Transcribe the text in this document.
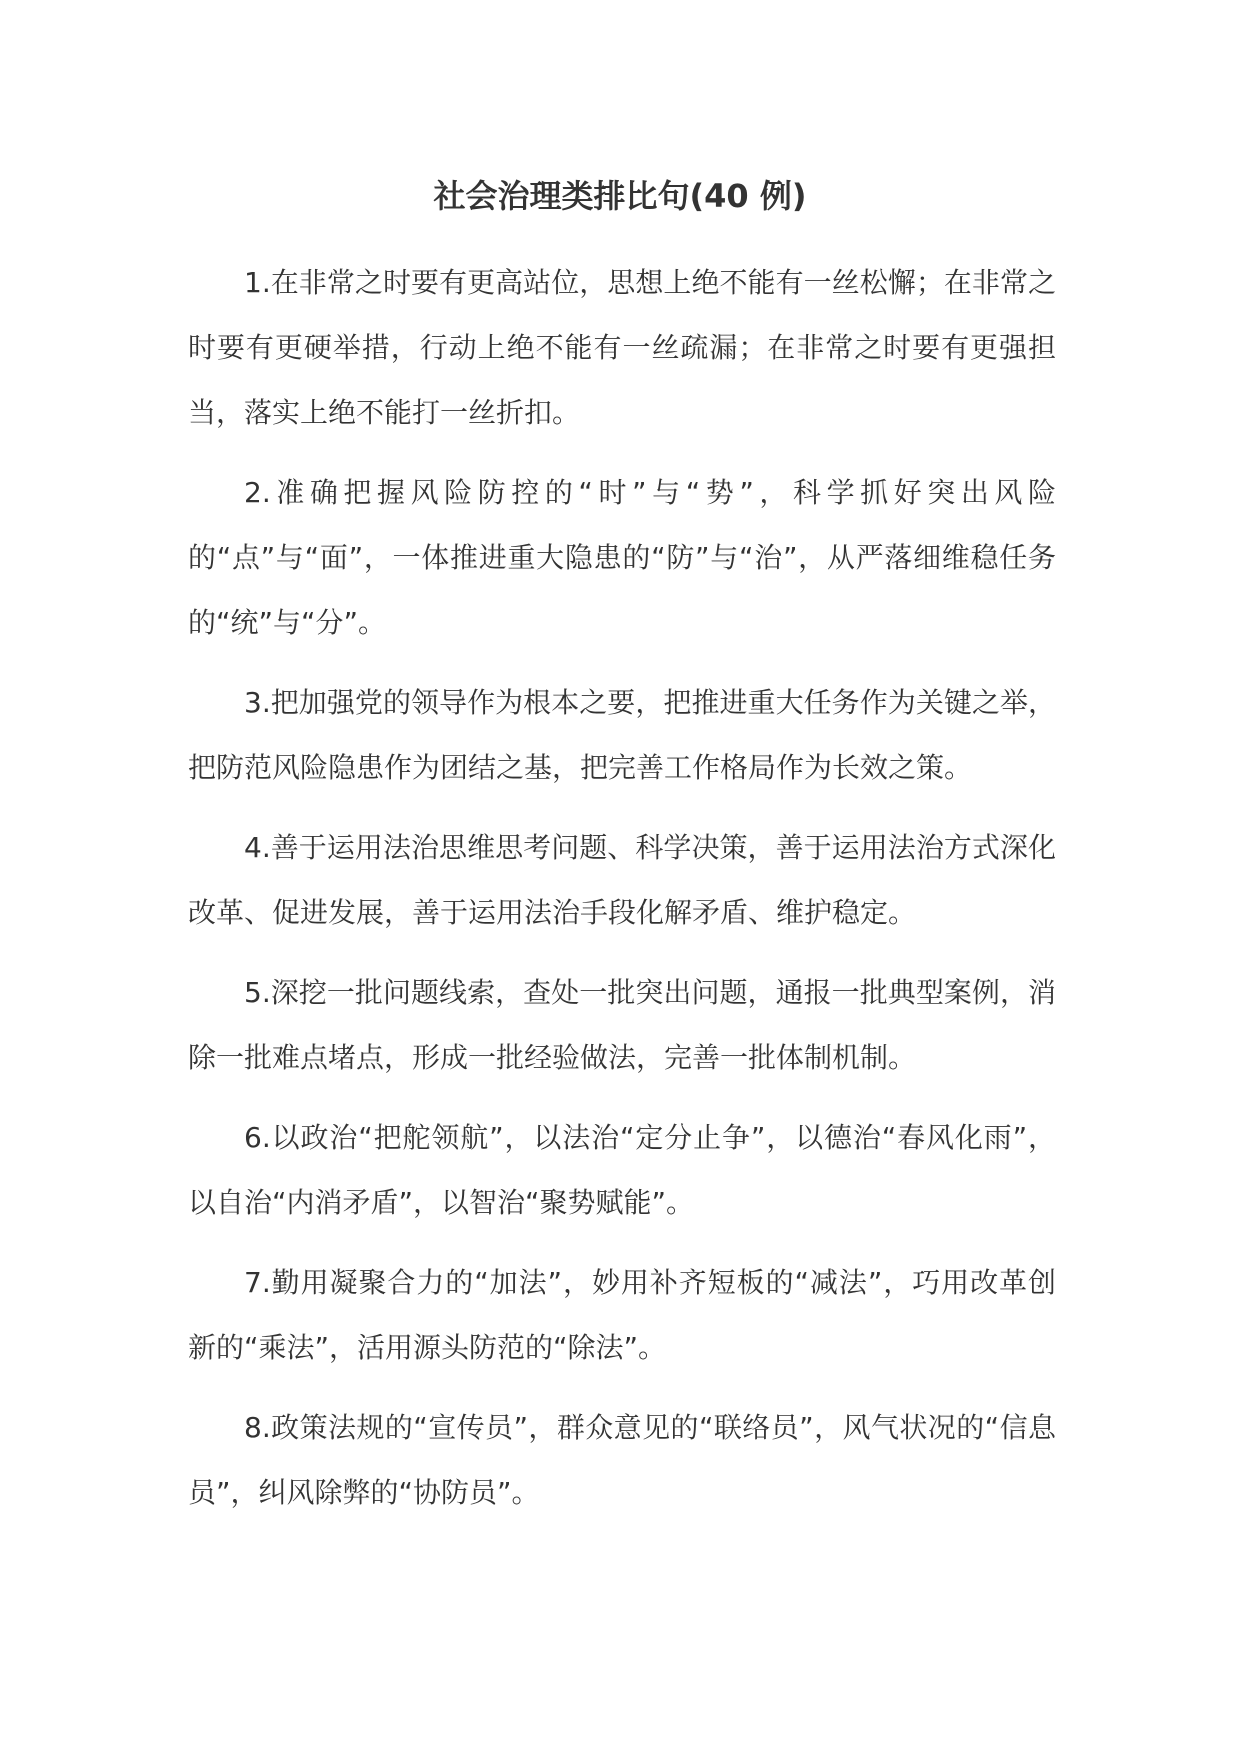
社会治理类排比句(40 例)

1.在非常之时要有更高站位，思想上绝不能有一丝松懈；在非常之时要有更硬举措，行动上绝不能有一丝疏漏；在非常之时要有更强担当，落实上绝不能打一丝折扣。

2.准确把握风险防控的“时”与“势”，科学抓好突出风险的“点”与“面”，一体推进重大隐患的“防”与“治”，从严落细维稳任务的“统”与“分”。

3.把加强党的领导作为根本之要，把推进重大任务作为关键之举，把防范风险隐患作为团结之基，把完善工作格局作为长效之策。

4.善于运用法治思维思考问题、科学决策，善于运用法治方式深化改革、促进发展，善于运用法治手段化解矛盾、维护稳定。

5.深挖一批问题线索，查处一批突出问题，通报一批典型案例，消除一批难点堵点，形成一批经验做法，完善一批体制机制。

6.以政治“把舵领航”，以法治“定分止争”，以德治“春风化雨”，以自治“内消矛盾”，以智治“聚势赋能”。

7.勤用凝聚合力的“加法”，妙用补齐短板的“减法”，巧用改革创新的“乘法”，活用源头防范的“除法”。

8.政策法规的“宣传员”，群众意见的“联络员”，风气状况的“信息员”，纠风除弊的“协防员”。
